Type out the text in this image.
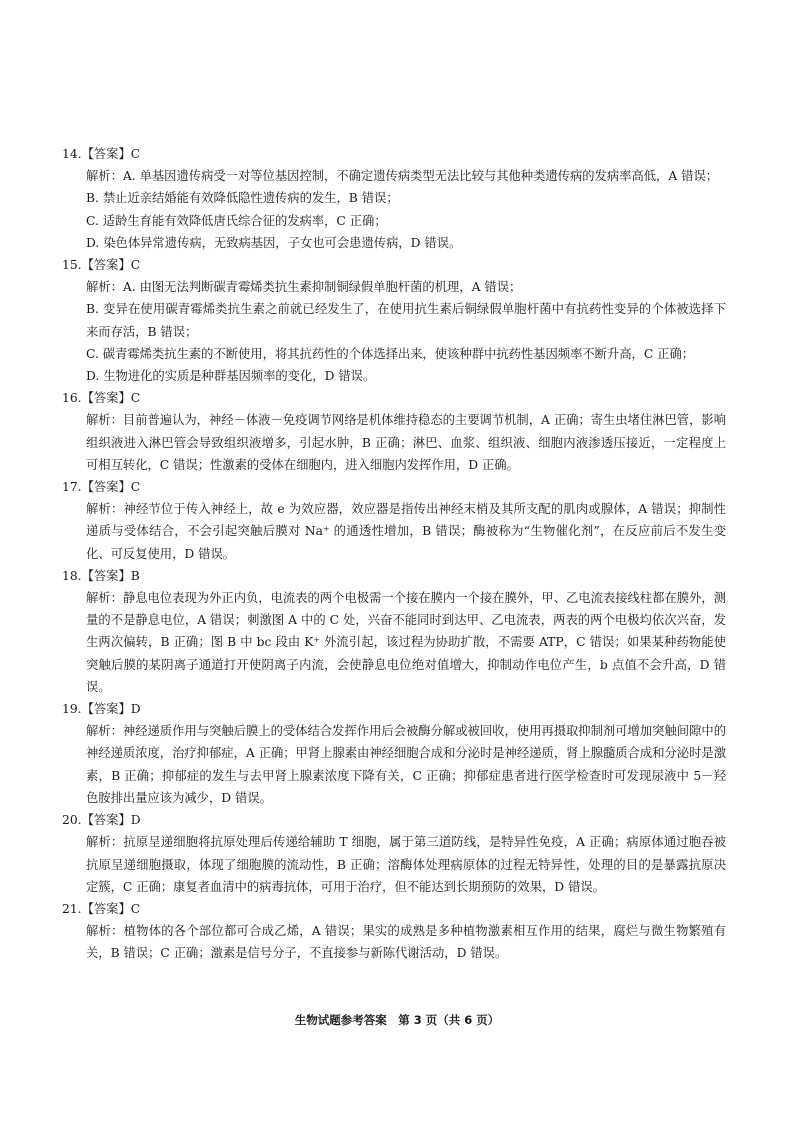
14.【答案】C

解析：A. 单基因遗传病受一对等位基因控制，不确定遗传病类型无法比较与其他种类遗传病的发病率高低，A 错误；

B. 禁止近亲结婚能有效降低隐性遗传病的发生，B 错误；

C. 适龄生育能有效降低唐氏综合征的发病率，C 正确；

D. 染色体异常遗传病，无致病基因，子女也可会患遗传病，D 错误。

15.【答案】C

解析：A. 由图无法判断碳青霉烯类抗生素抑制铜绿假单胞杆菌的机理，A 错误；

B. 变异在使用碳青霉烯类抗生素之前就已经发生了，在使用抗生素后铜绿假单胞杆菌中有抗药性变异的个体被选择下来而存活，B 错误；

C. 碳青霉烯类抗生素的不断使用，将其抗药性的个体选择出来，使该种群中抗药性基因频率不断升高，C 正确；

D. 生物进化的实质是种群基因频率的变化，D 错误。

16.【答案】C

解析：目前普遍认为，神经－体液－免疫调节网络是机体维持稳态的主要调节机制，A 正确；寄生虫堵住淋巴管，影响组织液进入淋巴管会导致组织液增多，引起水肿，B 正确；淋巴、血浆、组织液、细胞内液渗透压接近，一定程度上可相互转化，C 错误；性激素的受体在细胞内，进入细胞内发挥作用，D 正确。

17.【答案】C

解析：神经节位于传入神经上，故 e 为效应器，效应器是指传出神经末梢及其所支配的肌肉或腺体，A 错误；抑制性递质与受体结合，不会引起突触后膜对 Na⁺ 的通透性增加，B 错误；酶被称为“生物催化剂”，在反应前后不发生变化、可反复使用，D 错误。

18.【答案】B

解析：静息电位表现为外正内负，电流表的两个电极需一个接在膜内一个接在膜外，甲、乙电流表接线柱都在膜外，测量的不是静息电位，A 错误；刺激图 A 中的 C 处，兴奋不能同时到达甲、乙电流表，两表的两个电极均依次兴奋，发生两次偏转，B 正确；图 B 中 bc 段由 K⁺ 外流引起，该过程为协助扩散，不需要 ATP，C 错误；如果某种药物能使突触后膜的某阴离子通道打开使阴离子内流，会使静息电位绝对值增大，抑制动作电位产生，b 点值不会升高，D 错误。

19.【答案】D

解析：神经递质作用与突触后膜上的受体结合发挥作用后会被酶分解或被回收，使用再摄取抑制剂可增加突触间隙中的神经递质浓度，治疗抑郁症，A 正确；甲肾上腺素由神经细胞合成和分泌时是神经递质，肾上腺髓质合成和分泌时是激素，B 正确；抑郁症的发生与去甲肾上腺素浓度下降有关，C 正确；抑郁症患者进行医学检查时可发现尿液中 5－羟色胺排出量应该为减少，D 错误。

20.【答案】D

解析：抗原呈递细胞将抗原处理后传递给辅助 T 细胞，属于第三道防线，是特异性免疫，A 正确；病原体通过胞吞被抗原呈递细胞摄取，体现了细胞膜的流动性，B 正确；溶酶体处理病原体的过程无特异性，处理的目的是暴露抗原决定簇，C 正确；康复者血清中的病毒抗体，可用于治疗，但不能达到长期预防的效果，D 错误。

21.【答案】C

解析：植物体的各个部位都可合成乙烯，A 错误；果实的成熟是多种植物激素相互作用的结果，腐烂与微生物繁殖有关，B 错误；C 正确；激素是信号分子，不直接参与新陈代谢活动，D 错误。

生物试题参考答案　第 3 页（共 6 页）
